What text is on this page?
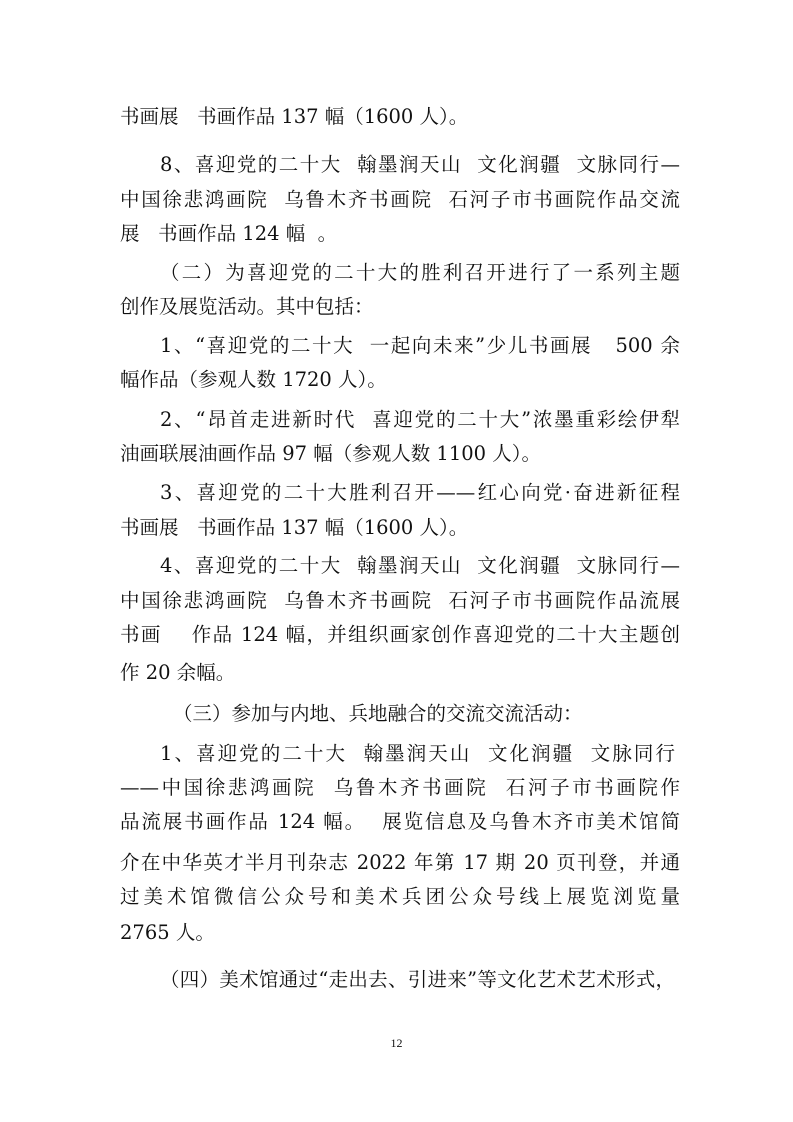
书画展   书画作品 137 幅（1600 人）。
8、喜迎党的二十大  翰墨润天山  文化润疆  文脉同行—
中国徐悲鸿画院  乌鲁木齐书画院  石河子市书画院作品交流
展   书画作品 124 幅  。
（二）为喜迎党的二十大的胜利召开进行了一系列主题
创作及展览活动。其中包括：
1、“喜迎党的二十大  一起向未来”少儿书画展   500 余
幅作品（参观人数 1720 人）。
2、“昂首走进新时代  喜迎党的二十大”浓墨重彩绘伊犁
油画联展油画作品 97 幅（参观人数 1100 人）。
3、喜迎党的二十大胜利召开——红心向党·奋进新征程
书画展   书画作品 137 幅（1600 人）。
4、喜迎党的二十大  翰墨润天山  文化润疆  文脉同行—
中国徐悲鸿画院  乌鲁木齐书画院  石河子市书画院作品流展
书画    作品 124 幅，并组织画家创作喜迎党的二十大主题创
作 20 余幅。
（三）参加与内地、兵地融合的交流交流活动：
1、喜迎党的二十大  翰墨润天山  文化润疆  文脉同行
——中国徐悲鸿画院  乌鲁木齐书画院  石河子市书画院作
品流展书画作品 124 幅。  展览信息及乌鲁木齐市美术馆简
介在中华英才半月刊杂志 2022 年第 17 期 20 页刊登，并通
过美术馆微信公众号和美术兵团公众号线上展览浏览量
2765 人。
（四）美术馆通过“走出去、引进来”等文化艺术艺术形式，
12
